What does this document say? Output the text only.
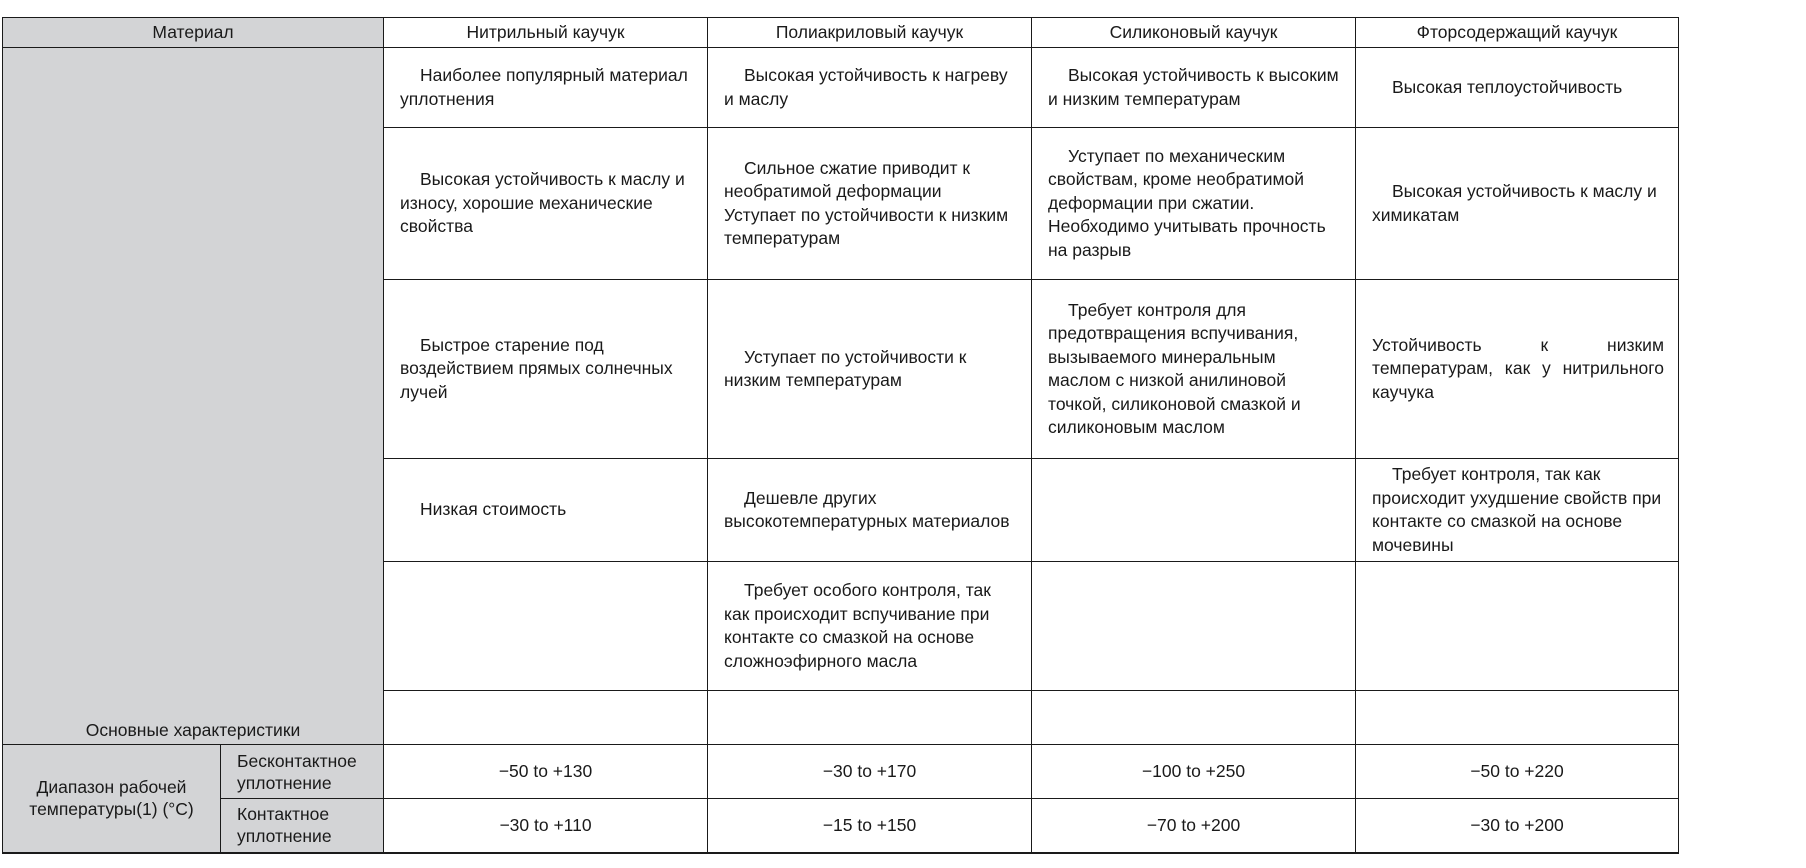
Материал		Нитрильный каучук	Полиакриловый каучук	Силиконовый каучук	Фторсодержащий каучук
Основные характеристики		Наиболее популярный материал уплотнения	Высокая устойчивость к нагреву и маслу	Высокая устойчивость к высоким и низким температурам	Высокая теплоустойчивость

		Высокая устойчивость к маслу и износу, хорошие механические свойства	Сильное сжатие приводит к необратимой деформации Уступает по устойчивости к низким температурам	Уступает по механическим свойствам, кроме необратимой деформации при сжатии. Необходимо учитывать прочность на разрыв	Высокая устойчивость к маслу и химикатам

		Быстрое старение под воздействием прямых солнечных лучей	Уступает по устойчивости к низким температурам	Требует контроля для предотвращения вспучивания, вызываемого минеральным маслом с низкой анилиновой точкой, силиконовой смазкой и силиконовым маслом	Устойчивость к низким температурам, как у нитрильного каучука

		Низкая стоимость	Дешевле других высокотемпературных материалов		Требует контроля, так как происходит ухудшение свойств при контакте со смазкой на основе мочевины

			Требует особого контроля, так как происходит вспучивание при контакте со смазкой на основе сложноэфирного масла		

Диапазон рабочей температуры(1) (°C)	Бесконтактное уплотнение	−50 to +130	−30 to +170	−100 to +250	−50 to +220
	Контактное уплотнение	−30 to +110	−15 to +150	−70 to +200	−30 to +200
